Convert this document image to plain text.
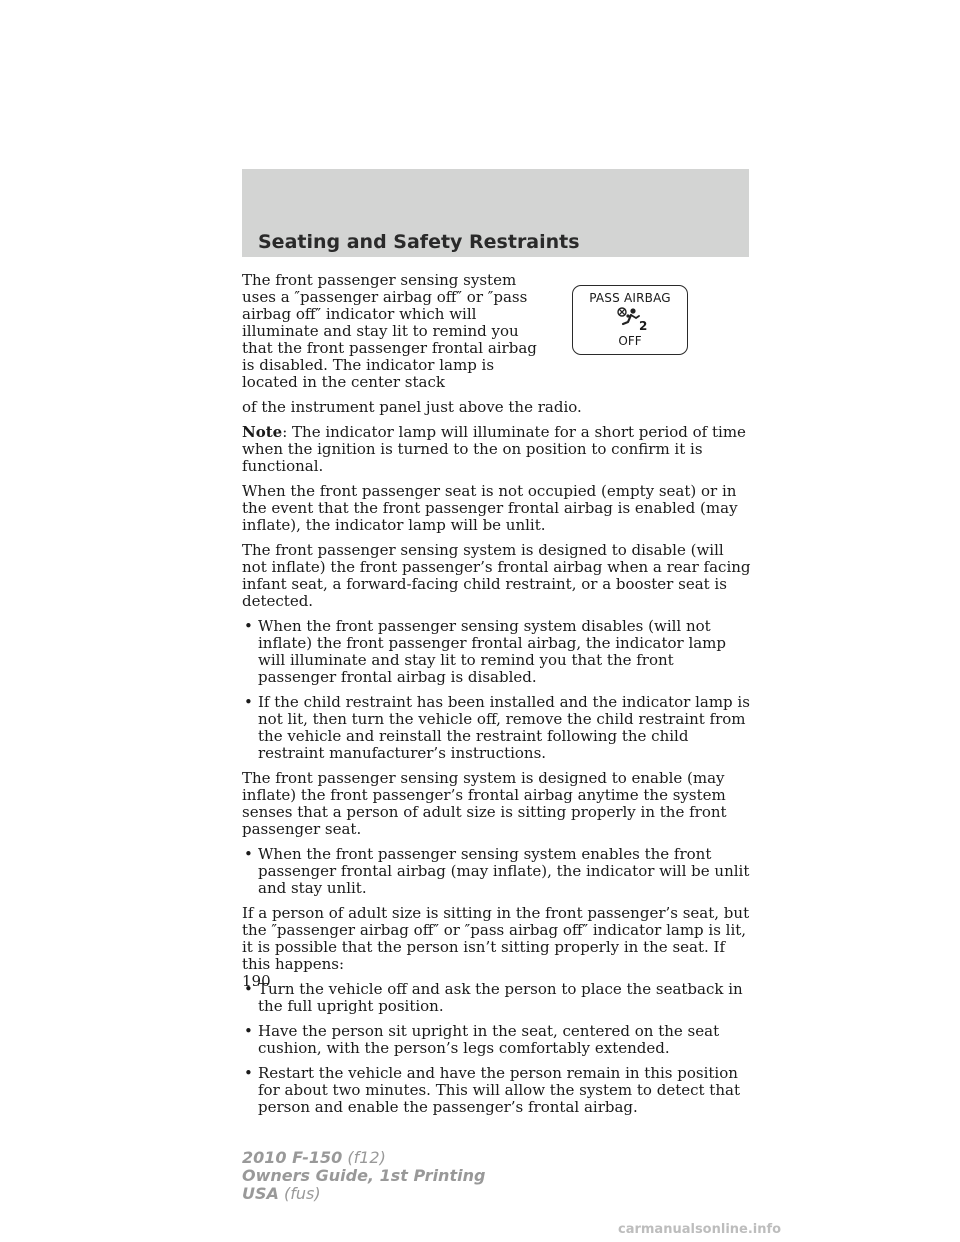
Seating and Safety Restraints
PASS AIRBAG
2
OFF

The front passenger sensing system uses a ″passenger airbag off″ or ″pass airbag off″ indicator which will illuminate and stay lit to remind you that the front passenger frontal airbag is disabled. The indicator lamp is located in the center stack

of the instrument panel just above the radio.

Note: The indicator lamp will illuminate for a short period of time when the ignition is turned to the on position to confirm it is functional.

When the front passenger seat is not occupied (empty seat) or in the event that the front passenger frontal airbag is enabled (may inflate), the indicator lamp will be unlit.

The front passenger sensing system is designed to disable (will not inflate) the front passenger’s frontal airbag when a rear facing infant seat, a forward-facing child restraint, or a booster seat is detected.

• When the front passenger sensing system disables (will not inflate) the front passenger frontal airbag, the indicator lamp will illuminate and stay lit to remind you that the front passenger frontal airbag is disabled.
• If the child restraint has been installed and the indicator lamp is not lit, then turn the vehicle off, remove the child restraint from the vehicle and reinstall the restraint following the child restraint manufacturer’s instructions.

The front passenger sensing system is designed to enable (may inflate) the front passenger’s frontal airbag anytime the system senses that a person of adult size is sitting properly in the front passenger seat.

• When the front passenger sensing system enables the front passenger frontal airbag (may inflate), the indicator will be unlit and stay unlit.

If a person of adult size is sitting in the front passenger’s seat, but the ″passenger airbag off″ or ″pass airbag off″ indicator lamp is lit, it is possible that the person isn’t sitting properly in the seat. If this happens:

• Turn the vehicle off and ask the person to place the seatback in the full upright position.
• Have the person sit upright in the seat, centered on the seat cushion, with the person’s legs comfortably extended.
• Restart the vehicle and have the person remain in this position for about two minutes. This will allow the system to detect that person and enable the passenger’s frontal airbag.

190

2010 F-150 (f12)
Owners Guide, 1st Printing
USA (fus)
carmanualsonline.info
